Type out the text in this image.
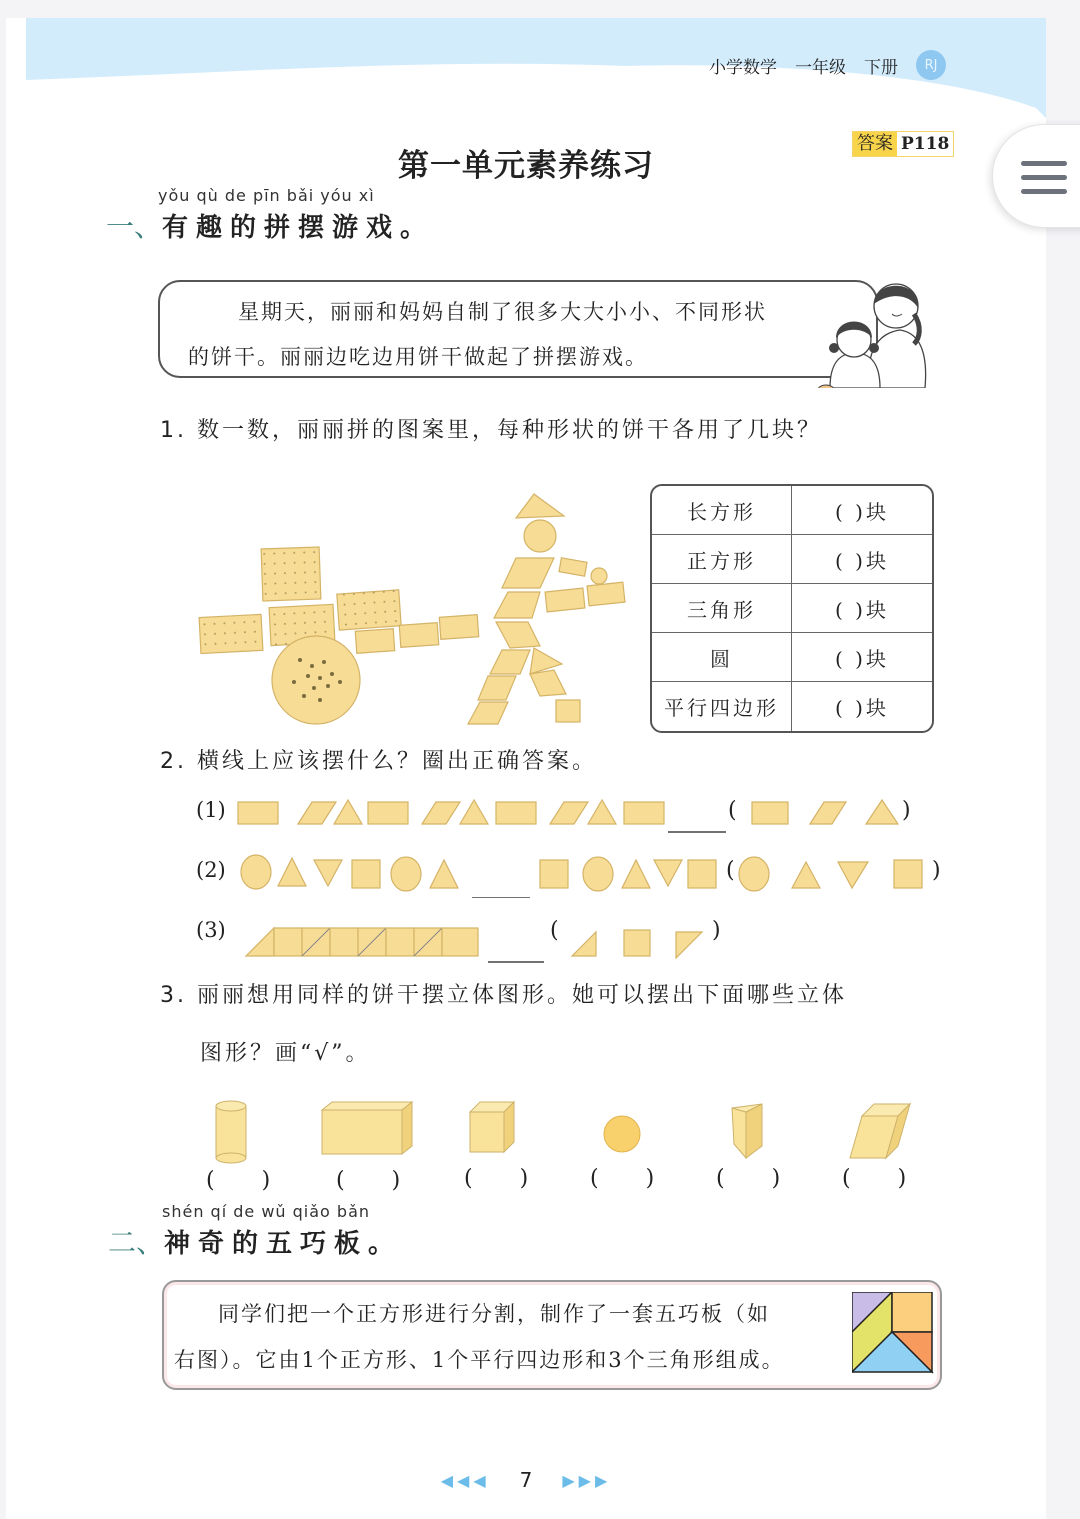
小学数学 一年级 下册	RJ
第一单元素养练习
答案 P118
yǒu qù de pīn bǎi yóu xì
一、 有趣的拼摆游戏。
星期天，丽丽和妈妈自制了很多大大小小、不同形状
的饼干。丽丽边吃边用饼干做起了拼摆游戏。
1. 数一数，丽丽拼的图案里，每种形状的饼干各用了几块？
长方形	( )块
正方形	( )块
三角形	( )块
圆	( )块
平行四边形	( )块
2. 横线上应该摆什么？圈出正确答案。
(1)	(	)
(2)	(	)
(3)	(	)
3. 丽丽想用同样的饼干摆立体图形。她可以摆出下面哪些立体
图形？画“√”。
( ) ( ) ( ) ( ) ( ) ( )
shén qí de wǔ qiǎo bǎn
二、 神奇的五巧板。
同学们把一个正方形进行分割，制作了一套五巧板（如
右图）。它由1个正方形、1个平行四边形和3个三角形组成。
◀◀◀ 7 ▶▶▶
